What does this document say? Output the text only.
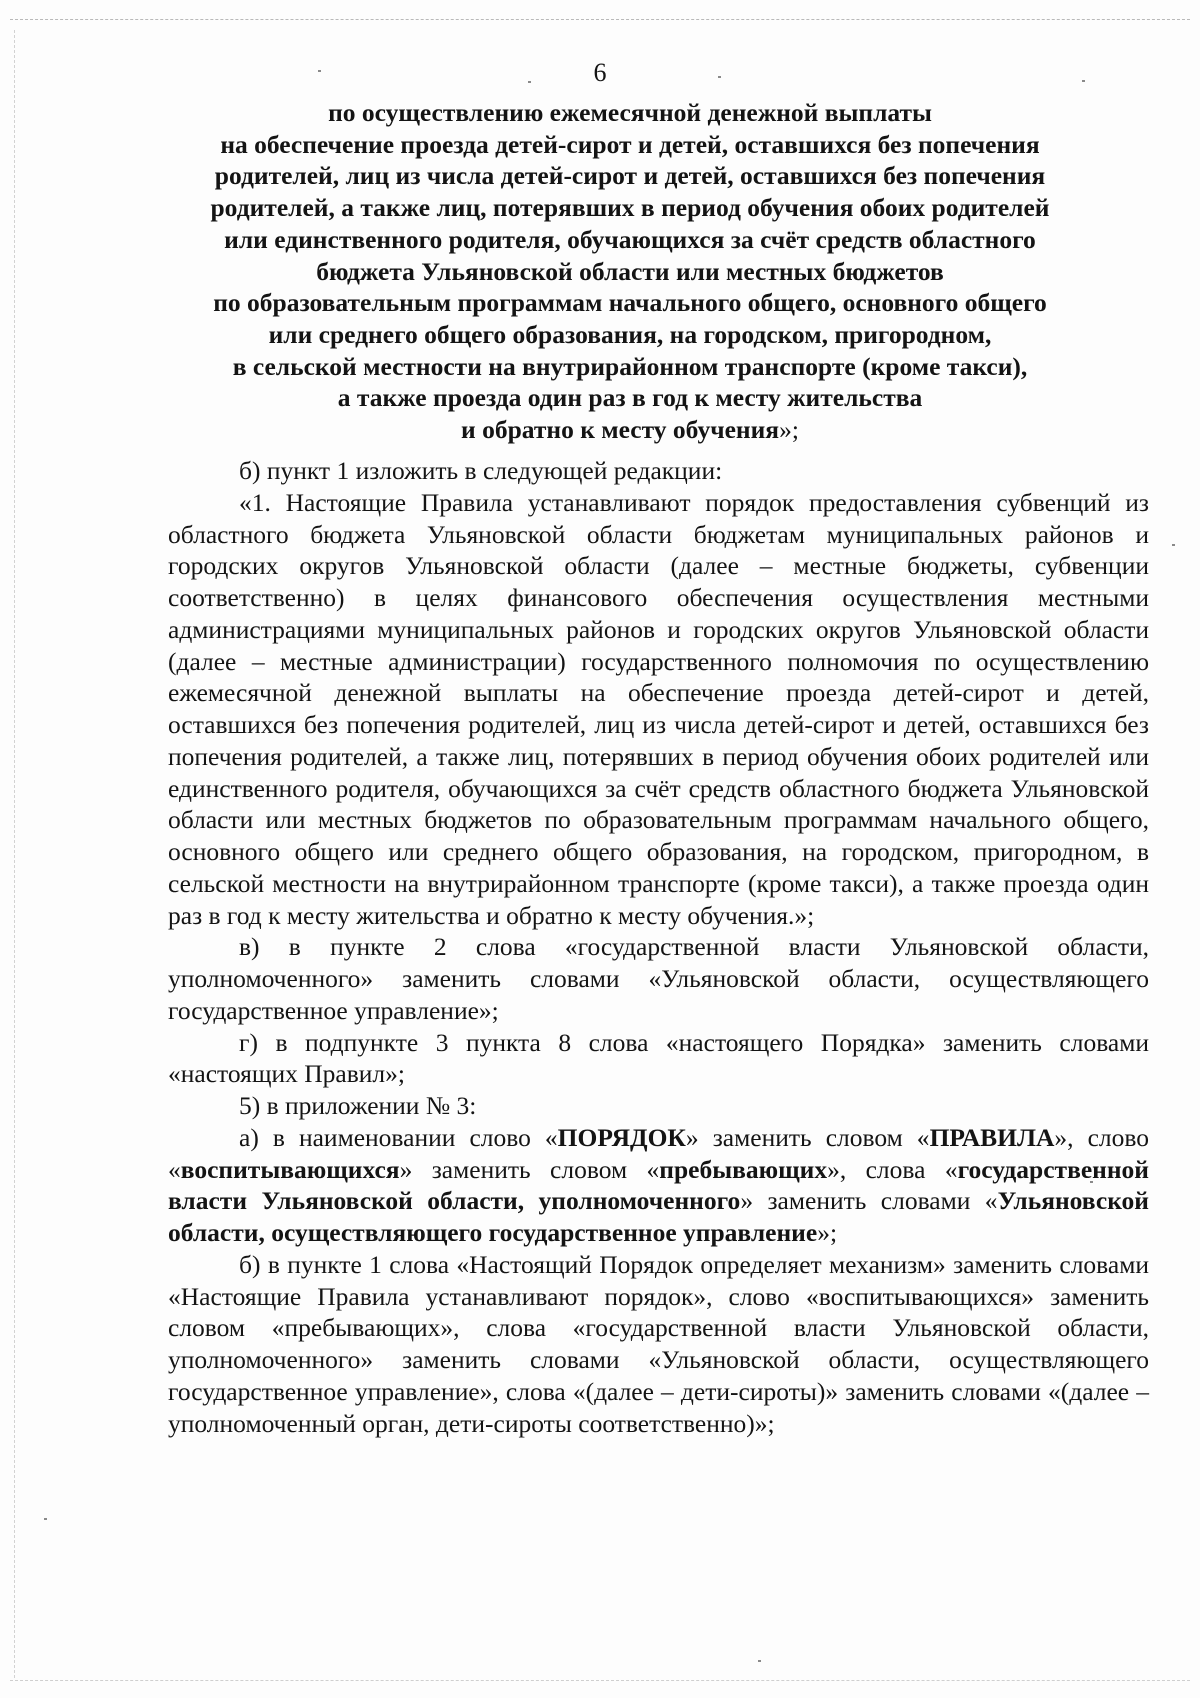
6
по осуществлению ежемесячной денежной выплаты
на обеспечение проезда детей-сирот и детей, оставшихся без попечения
родителей, лиц из числа детей-сирот и детей, оставшихся без попечения
родителей, а также лиц, потерявших в период обучения обоих родителей
или единственного родителя, обучающихся за счёт средств областного
бюджета Ульяновской области или местных бюджетов
по образовательным программам начального общего, основного общего
или среднего общего образования, на городском, пригородном,
в сельской местности на внутрирайонном транспорте (кроме такси),
а также проезда один раз в год к месту жительства
и обратно к месту обучения»;
б) пункт 1 изложить в следующей редакции:
«1. Настоящие Правила устанавливают порядок предоставления субвенций из областного бюджета Ульяновской области бюджетам муниципальных районов и городских округов Ульяновской области (далее – местные бюджеты, субвенции соответственно) в целях финансового обеспечения осуществления местными администрациями муниципальных районов и городских округов Ульяновской области (далее – местные администрации) государственного полномочия по осуществлению ежемесячной денежной выплаты на обеспечение проезда детей-сирот и детей, оставшихся без попечения родителей, лиц из числа детей-сирот и детей, оставшихся без попечения родителей, а также лиц, потерявших в период обучения обоих родителей или единственного родителя, обучающихся за счёт средств областного бюджета Ульяновской области или местных бюджетов по образовательным программам начального общего, основного общего или среднего общего образования, на городском, пригородном, в сельской местности на внутрирайонном транспорте (кроме такси), а также проезда один раз в год к месту жительства и обратно к месту обучения.»;
в) в пункте 2 слова «государственной власти Ульяновской области, уполномоченного» заменить словами «Ульяновской области, осуществляющего государственное управление»;
г) в подпункте 3 пункта 8 слова «настоящего Порядка» заменить словами «настоящих Правил»;
5) в приложении № 3:
а) в наименовании слово «ПОРЯДОК» заменить словом «ПРАВИЛА», слово «воспитывающихся» заменить словом «пребывающих», слова «государственной власти Ульяновской области, уполномоченного» заменить словами «Ульяновской области, осуществляющего государственное управление»;
б) в пункте 1 слова «Настоящий Порядок определяет механизм» заменить словами «Настоящие Правила устанавливают порядок», слово «воспитывающихся» заменить словом «пребывающих», слова «государственной власти Ульяновской области, уполномоченного» заменить словами «Ульяновской области, осуществляющего государственное управление», слова «(далее – дети-сироты)» заменить словами «(далее – уполномоченный орган, дети-сироты соответственно)»;
